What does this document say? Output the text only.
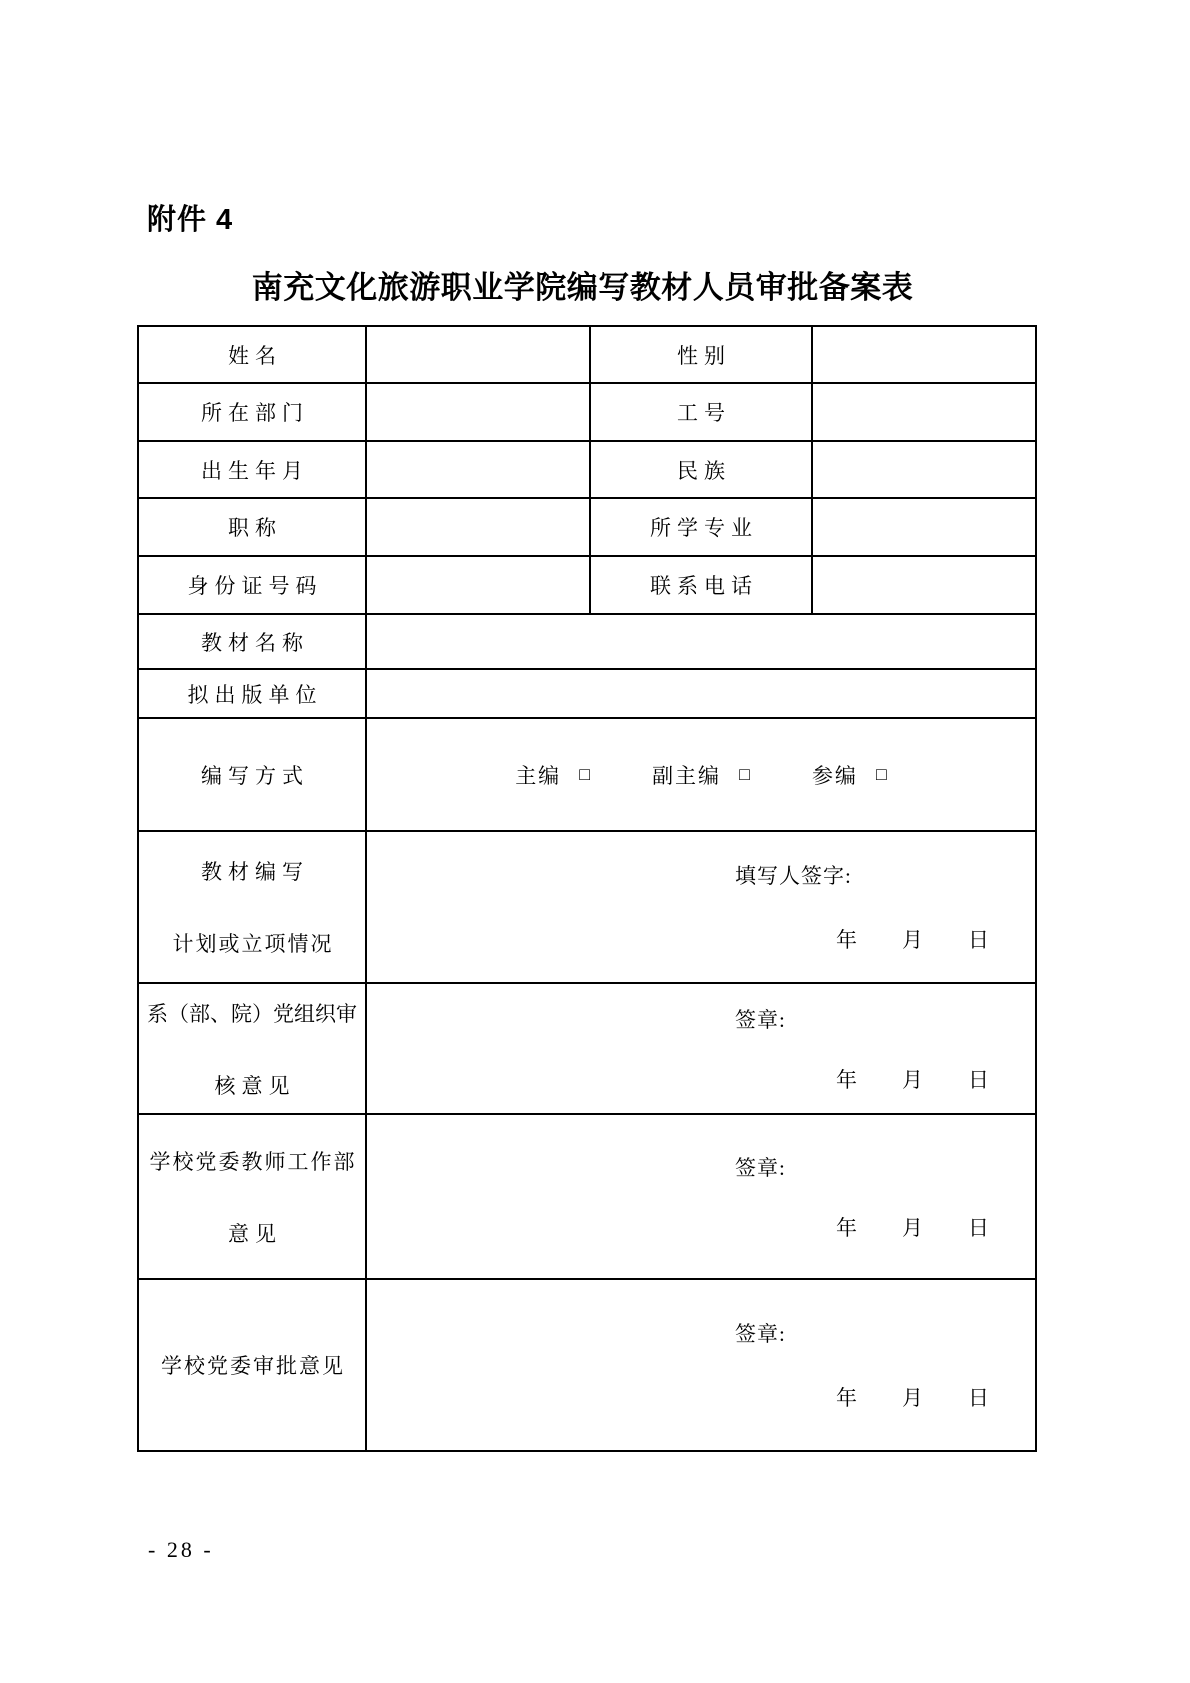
附件 4
南充文化旅游职业学院编写教材人员审批备案表
姓名		性别	
所在部门		工号	
出生年月		民族	
职称		所学专业	
身份证号码		联系电话	
教材名称			
拟出版单位			
编写方式	主编 □	副主编 □	参编 □

教材编写
计划或立项情况

填写人签字:
年 月 日

系（部、院）党组织审
核意见

签章:
年 月 日

学校党委教师工作部
意见

签章:
年 月 日

学校党委审批意见	签章:
年 月 日		
- 28 -
